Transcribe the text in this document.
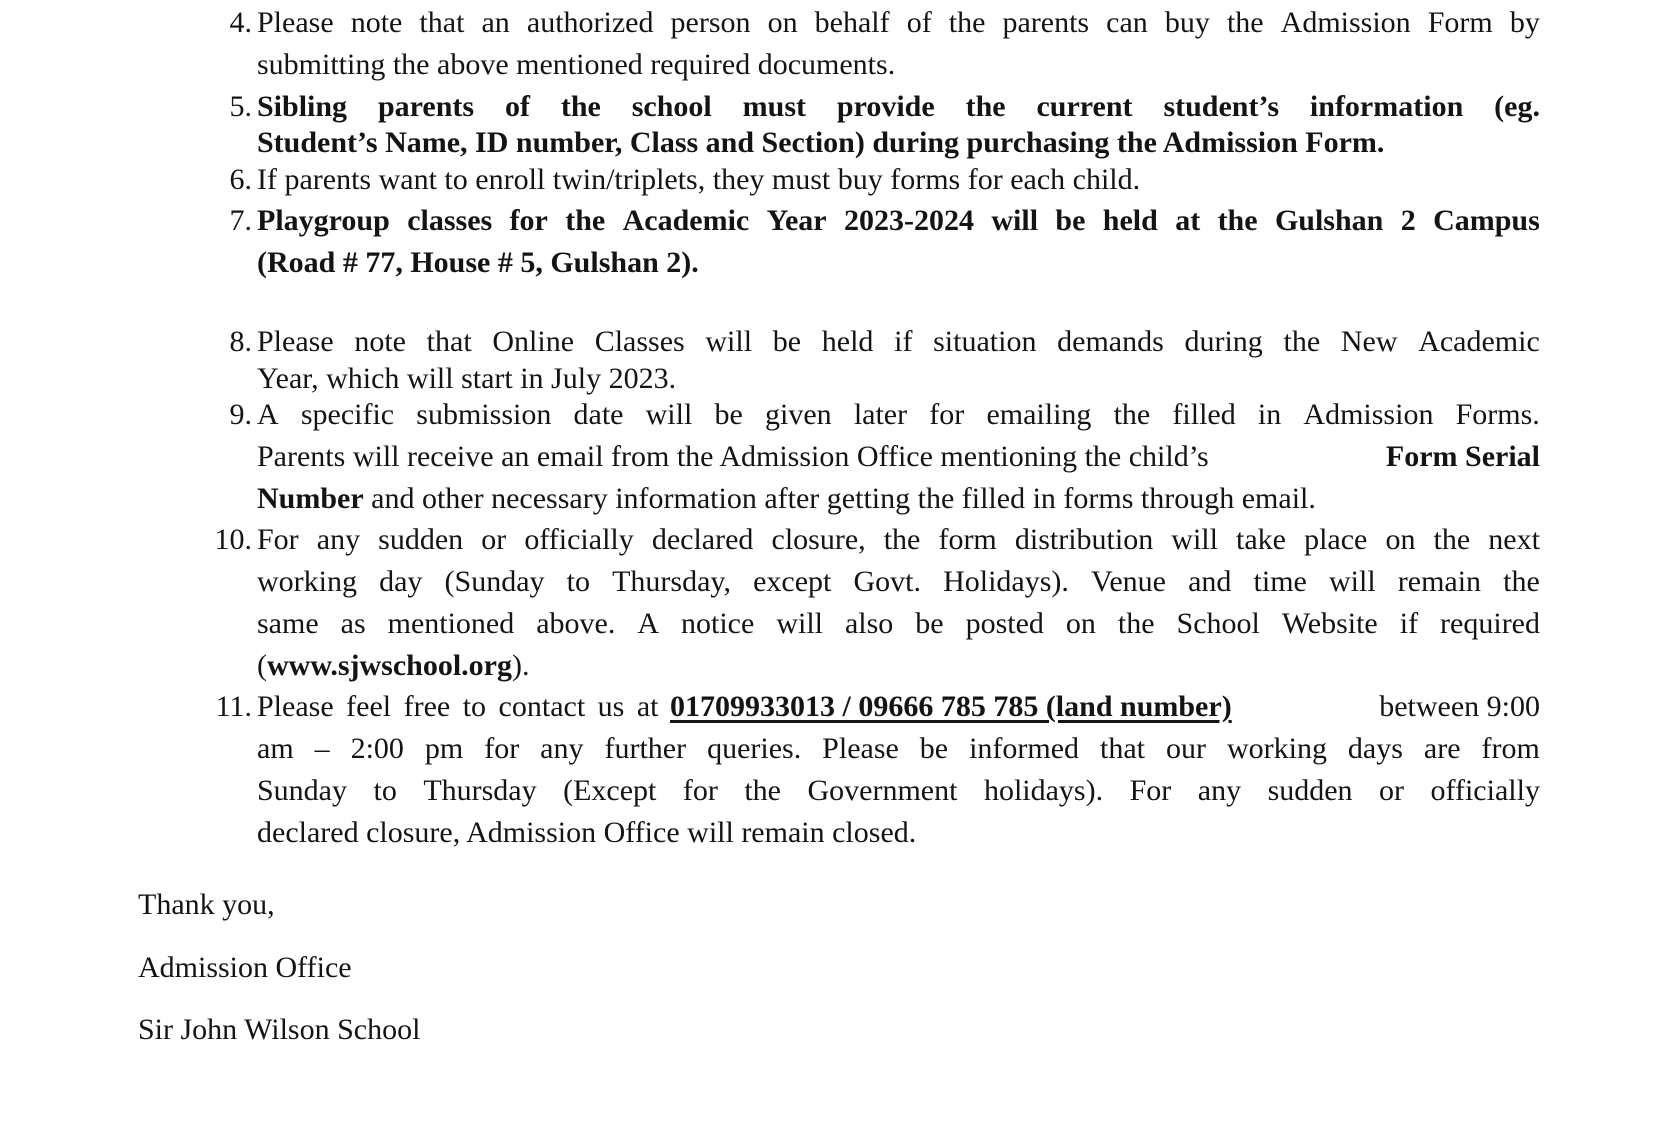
4. Please note that an authorized person on behalf of the parents can buy the Admission Form by
submitting the above mentioned required documents.
5. Sibling parents of the school must provide the current student’s information (eg.
Student’s Name, ID number, Class and Section) during purchasing the Admission Form.
6. If parents want to enroll twin/triplets, they must buy forms for each child.
7. Playgroup classes for the Academic Year 2023-2024 will be held at the Gulshan 2 Campus
(Road # 77, House # 5, Gulshan 2).
8. Please note that Online Classes will be held if situation demands during the New Academic
Year, which will start in July 2023.
9. A specific submission date will be given later for emailing the filled in Admission Forms.
Parents will receive an email from the Admission Office mentioning the child’s	Form Serial
Number and other necessary information after getting the filled in forms through email.
10. For any sudden or officially declared closure, the form distribution will take place on the next
working day (Sunday to Thursday, except Govt. Holidays). Venue and time will remain the
same as mentioned above. A notice will also be posted on the School Website if required
(www.sjwschool.org).
11. Please feel free to contact us at 01709933013 / 09666 785 785 (land number)	between 9:00
am – 2:00 pm for any further queries. Please be informed that our working days are from
Sunday to Thursday (Except for the Government holidays). For any sudden or officially
declared closure, Admission Office will remain closed.
Thank you,
Admission Office
Sir John Wilson School
